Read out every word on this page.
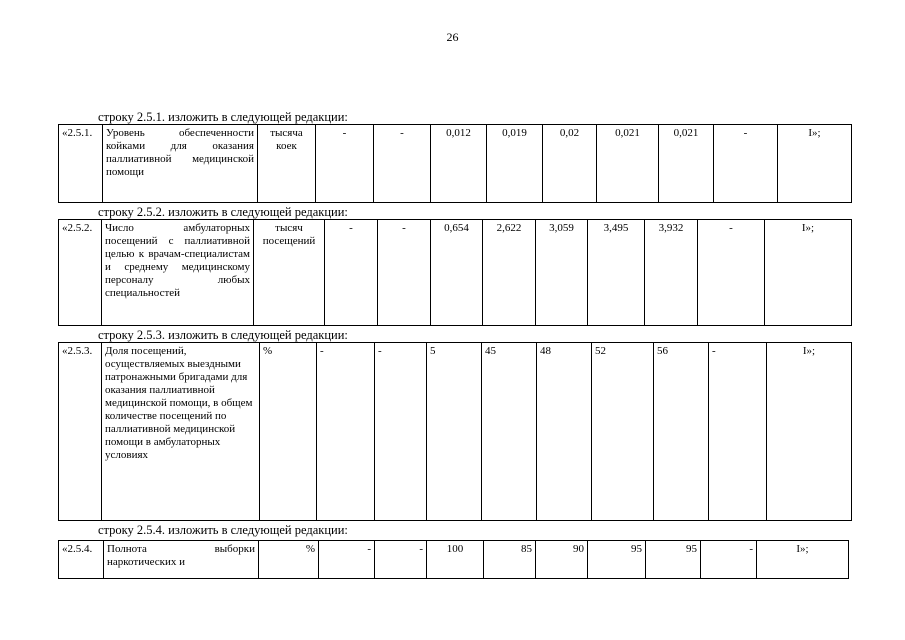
26
строку 2.5.1. изложить в следующей редакции:
«2.5.1.	Уровень обеспеченности койками для оказания паллиативной медицинской помощи	тысяча коек	-	-	0,012	0,019	0,02	0,021	0,021	-	I»;
строку 2.5.2. изложить в следующей редакции:
«2.5.2.	Число амбулаторных посещений с паллиативной целью к врачам-специалистам и среднему медицинскому персоналу любых специальностей	тысяч посещений	-	-	0,654	2,622	3,059	3,495	3,932	-	I»;
строку 2.5.3. изложить в следующей редакции:
«2.5.3.	Доля посещений, осуществляемых выездными патронажными бригадами для оказания паллиативной медицинской помощи, в общем количестве посещений по паллиативной медицинской помощи в амбулаторных условиях	%	-	-	5	45	48	52	56	-	I»;
строку 2.5.4. изложить в следующей редакции:
«2.5.4.	Полнота выборки наркотических и	%	-	-	100	85	90	95	95	-	I»;
